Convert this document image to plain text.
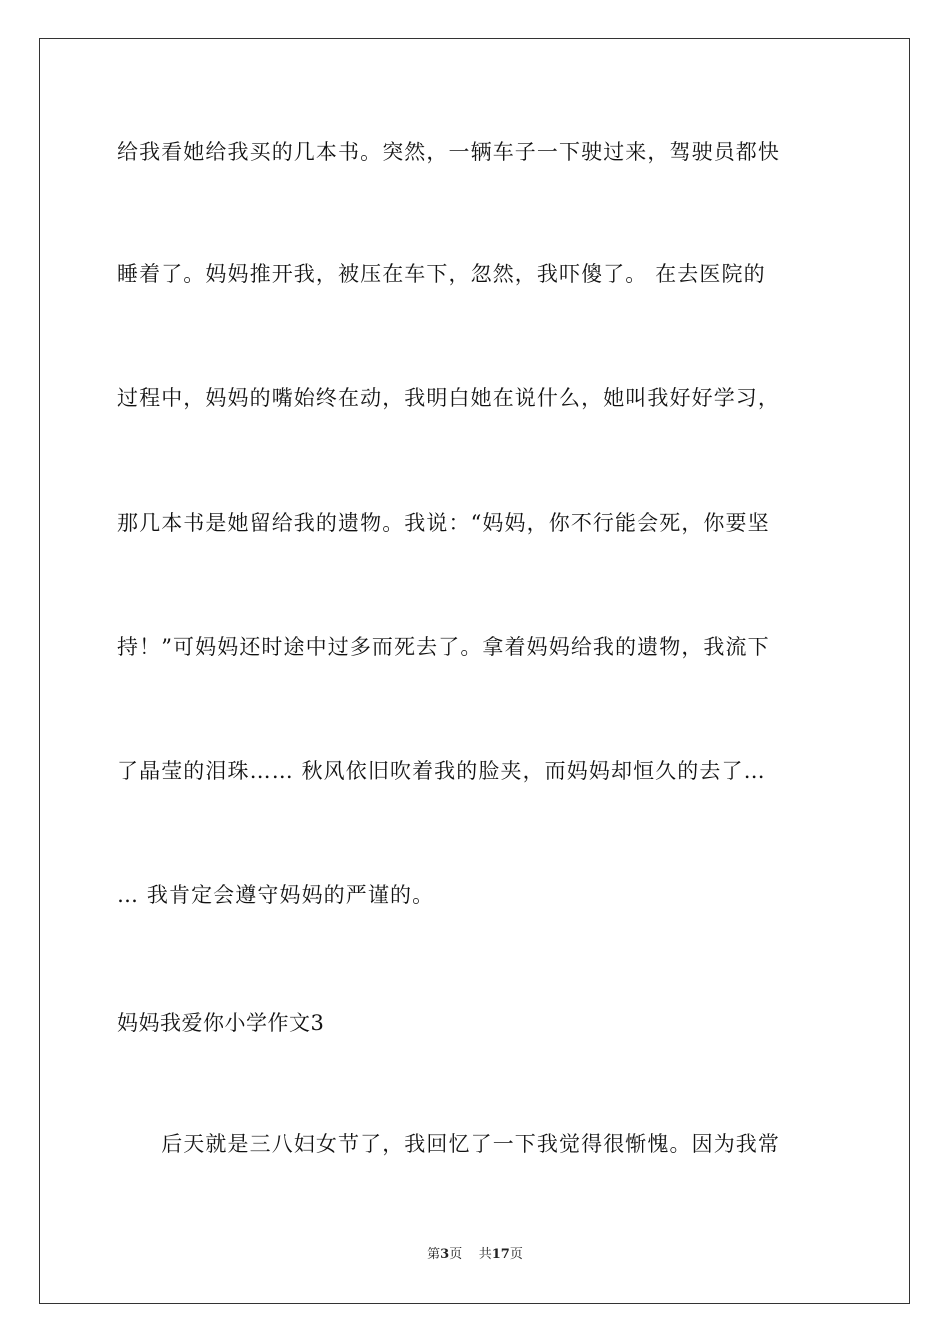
给我看她给我买的几本书。突然，一辆车子一下驶过来，驾驶员都快
睡着了。妈妈推开我，被压在车下，忽然，我吓傻了。 在去医院的
过程中，妈妈的嘴始终在动，我明白她在说什么，她叫我好好学习，
那几本书是她留给我的遗物。我说：“妈妈，你不行能会死，你要坚
持！”可妈妈还时途中过多而死去了。拿着妈妈给我的遗物，我流下
了晶莹的泪珠…… 秋风依旧吹着我的脸夹，而妈妈却恒久的去了…
… 我肯定会遵守妈妈的严谨的。
妈妈我爱你小学作文3
　　后天就是三八妇女节了，我回忆了一下我觉得很惭愧。因为我常
第3页 共17页
